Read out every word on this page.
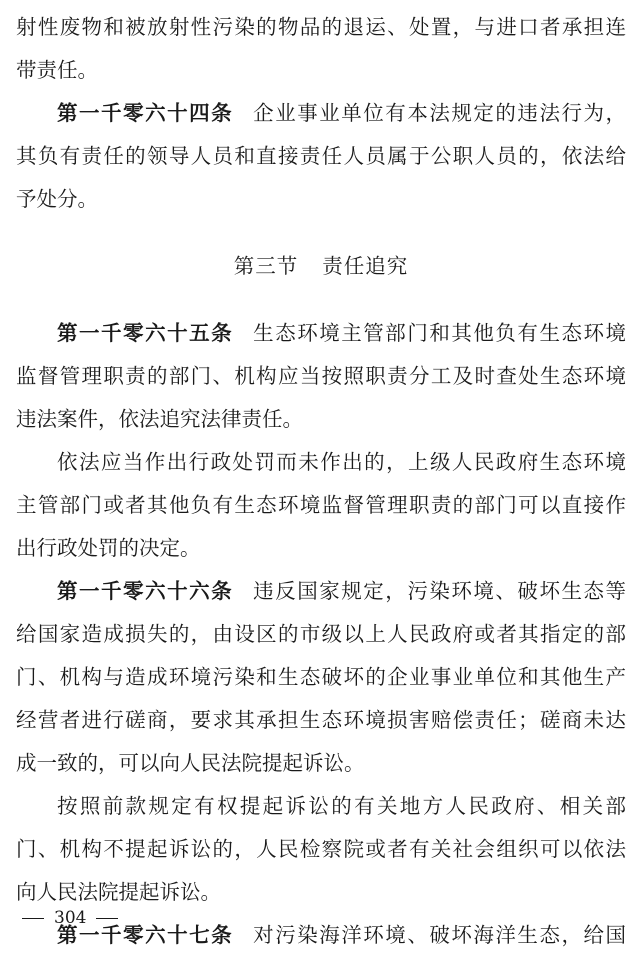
射性废物和被放射性污染的物品的退运、处置，与进口者承担连
带责任。
第一千零六十四条 企业事业单位有本法规定的违法行为，
其负有责任的领导人员和直接责任人员属于公职人员的，依法给
予处分。
第三节 责任追究
第一千零六十五条 生态环境主管部门和其他负有生态环境
监督管理职责的部门、机构应当按照职责分工及时查处生态环境
违法案件，依法追究法律责任。
依法应当作出行政处罚而未作出的，上级人民政府生态环境
主管部门或者其他负有生态环境监督管理职责的部门可以直接作
出行政处罚的决定。
第一千零六十六条 违反国家规定，污染环境、破坏生态等
给国家造成损失的，由设区的市级以上人民政府或者其指定的部
门、机构与造成环境污染和生态破坏的企业事业单位和其他生产
经营者进行磋商，要求其承担生态环境损害赔偿责任；磋商未达
成一致的，可以向人民法院提起诉讼。
按照前款规定有权提起诉讼的有关地方人民政府、相关部
门、机构不提起诉讼的，人民检察院或者有关社会组织可以依法
向人民法院提起诉讼。
第一千零六十七条 对污染海洋环境、破坏海洋生态，给国
304
